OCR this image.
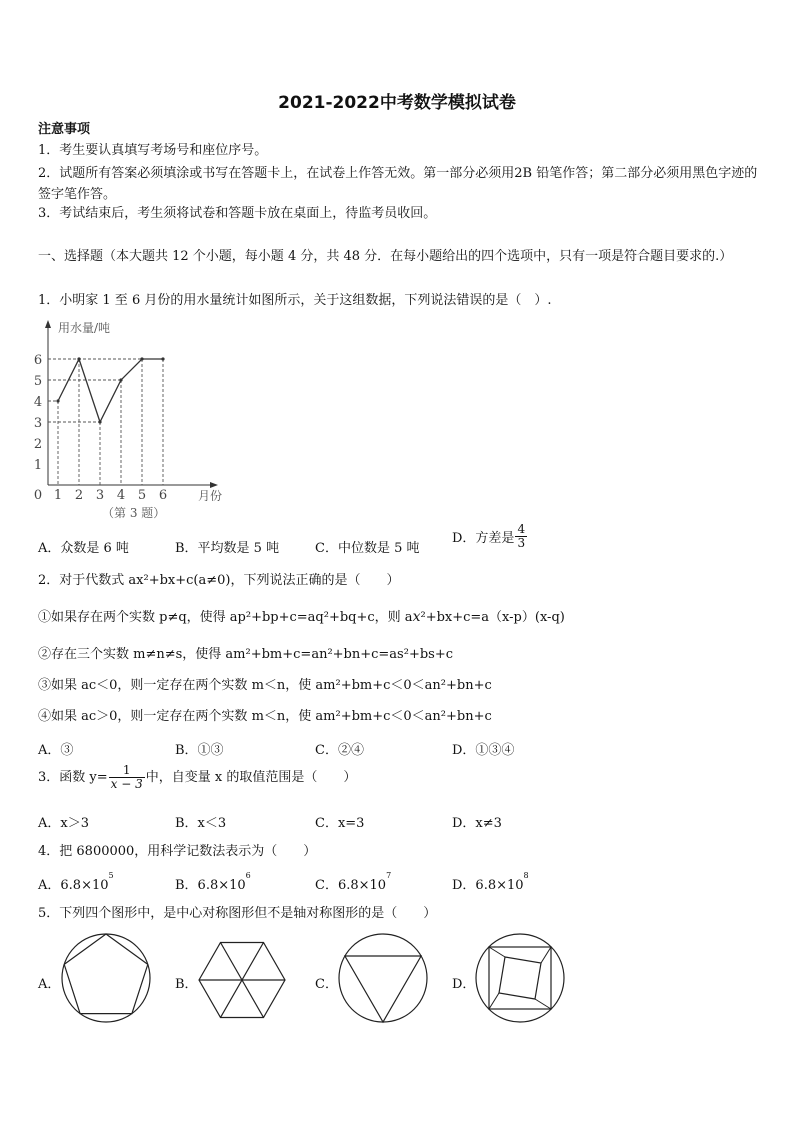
2021-2022中考数学模拟试卷
注意事项
1．考生要认真填写考场号和座位序号。
2．试题所有答案必须填涂或书写在答题卡上，在试卷上作答无效。第一部分必须用2B 铅笔作答；第二部分必须用黑色字迹的签字笔作答。
3．考试结束后，考生须将试卷和答题卡放在桌面上，待监考员收回。
一、选择题（本大题共 12 个小题，每小题 4 分，共 48 分．在每小题给出的四个选项中，只有一项是符合题目要求的.）
1．小明家 1 至 6 月份的用水量统计如图所示，关于这组数据，下列说法错误的是（　）.
用水量/吨
月份
（第 3 题）
1
2
3
4
5
6
0 1 2 3 4 5 6
A．众数是 6 吨	B．平均数是 5 吨	C．中位数是 5 吨
D．方差是 $\frac{4}{3}$
2．对于代数式 ax²+bx+c(a≠0)，下列说法正确的是（　　）
①如果存在两个实数 p≠q，使得 ap²+bp+c=aq²+bq+c，则 ax²+bx+c=a（x-p）(x-q)
②存在三个实数 m≠n≠s，使得 am²+bm+c=an²+bn+c=as²+bs+c
③如果 ac＜0，则一定存在两个实数 m＜n，使 am²+bm+c＜0＜an²+bn+c
④如果 ac＞0，则一定存在两个实数 m＜n，使 am²+bm+c＜0＜an²+bn+c
A．③	B．①③	C．②④	D．①③④
3．函数 $y= \frac{1}{x - 3}$ 中，自变量 x 的取值范围是（　　）
A．x＞3	B．x＜3	C．x=3	D．x≠3
4．把 6800000，用科学记数法表示为（　　）
A．$6.8\times 10^5$
B．$6.8\times 10^6$
C．$6.8\times 10^7$
D．$6.8\times 10^8$
5．下列四个图形中，是中心对称图形但不是轴对称图形的是（　　）
A．	B．	C．	D．
